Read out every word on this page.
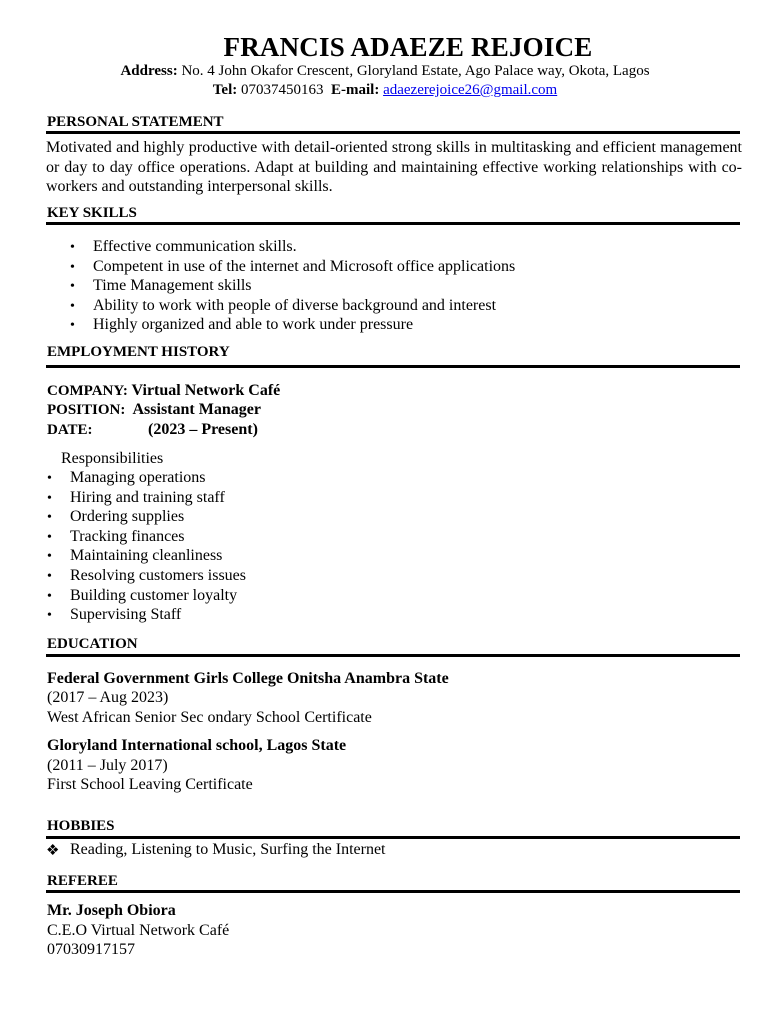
FRANCIS ADAEZE REJOICE
Address: No. 4 John Okafor Crescent, Gloryland Estate, Ago Palace way, Okota, Lagos
Tel: 07037450163 E-mail: adaezerejoice26@gmail.com
PERSONAL STATEMENT
Motivated and highly productive with detail-oriented strong skills in multitasking and efficient management or day to day office operations. Adapt at building and maintaining effective working relationships with co-workers and outstanding interpersonal skills.
KEY SKILLS
• Effective communication skills.
• Competent in use of the internet and Microsoft office applications
• Time Management skills
• Ability to work with people of diverse background and interest
• Highly organized and able to work under pressure
EMPLOYMENT HISTORY
COMPANY: Virtual Network Café
POSITION: Assistant Manager
DATE:	(2023 – Present)
Responsibilities
• Managing operations
• Hiring and training staff
• Ordering supplies
• Tracking finances
• Maintaining cleanliness
• Resolving customers issues
• Building customer loyalty
• Supervising Staff
EDUCATION
Federal Government Girls College Onitsha Anambra State
(2017 – Aug 2023)
West African Senior Sec ondary School Certificate
Gloryland International school, Lagos State
(2011 – July 2017)
First School Leaving Certificate
HOBBIES
❖ Reading, Listening to Music, Surfing the Internet
REFEREE
Mr. Joseph Obiora
C.E.O Virtual Network Café
07030917157
